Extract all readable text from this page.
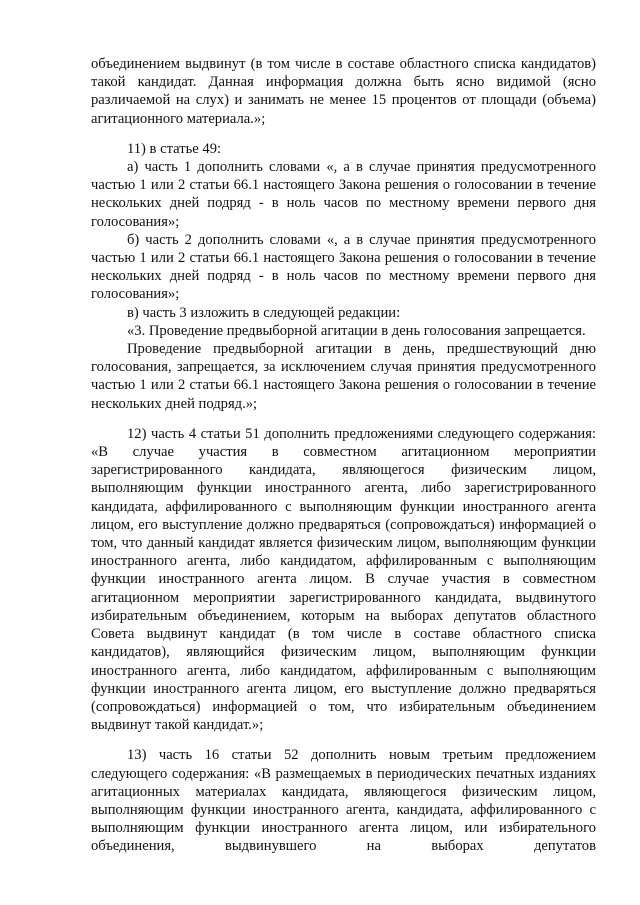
объединением выдвинут (в том числе в составе областного списка кандидатов) такой кандидат. Данная информация должна быть ясно видимой (ясно различаемой на слух) и занимать не менее 15 процентов от площади (объема) агитационного материала.»;

11) в статье 49:

а) часть 1 дополнить словами «, а в случае принятия предусмотренного частью 1 или 2 статьи 66.1 настоящего Закона решения о голосовании в течение нескольких дней подряд - в ноль часов по местному времени первого дня голосования»;

б) часть 2 дополнить словами «, а в случае принятия предусмотренного частью 1 или 2 статьи 66.1 настоящего Закона решения о голосовании в течение нескольких дней подряд - в ноль часов по местному времени первого дня голосования»;

в) часть 3 изложить в следующей редакции:

«3. Проведение предвыборной агитации в день голосования запрещается.

Проведение предвыборной агитации в день, предшествующий дню голосования, запрещается, за исключением случая принятия предусмотренного частью 1 или 2 статьи 66.1 настоящего Закона решения о голосовании в течение нескольких дней подряд.»;

12) часть 4 статьи 51 дополнить предложениями следующего содержания: «В случае участия в совместном агитационном мероприятии зарегистрированного кандидата, являющегося физическим лицом, выполняющим функции иностранного агента, либо зарегистрированного кандидата, аффилированного с выполняющим функции иностранного агента лицом, его выступление должно предваряться (сопровождаться) информацией о том, что данный кандидат является физическим лицом, выполняющим функции иностранного агента, либо кандидатом, аффилированным с выполняющим функции иностранного агента лицом. В случае участия в совместном агитационном мероприятии зарегистрированного кандидата, выдвинутого избирательным объединением, которым на выборах депутатов областного Совета выдвинут кандидат (в том числе в составе областного списка кандидатов), являющийся физическим лицом, выполняющим функции иностранного агента, либо кандидатом, аффилированным с выполняющим функции иностранного агента лицом, его выступление должно предваряться (сопровождаться) информацией о том, что избирательным объединением выдвинут такой кандидат.»;

13) часть 16 статьи 52 дополнить новым третьим предложением следующего содержания: «В размещаемых в периодических печатных изданиях агитационных материалах кандидата, являющегося физическим лицом, выполняющим функции иностранного агента, кандидата, аффилированного с выполняющим функции иностранного агента лицом, или избирательного объединения, выдвинувшего на выборах депутатов
